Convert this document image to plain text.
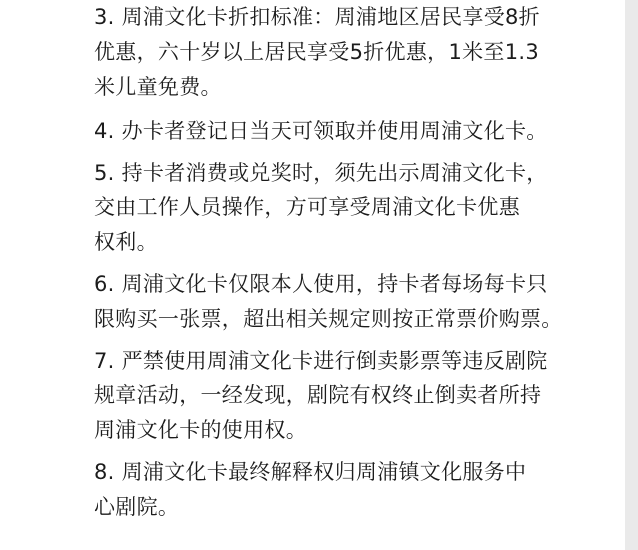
3. 周浦文化卡折扣标准：周浦地区居民享受8折
优惠，六十岁以上居民享受5折优惠，1米至1.3
米儿童免费。
4. 办卡者登记日当天可领取并使用周浦文化卡。
5. 持卡者消费或兑奖时，须先出示周浦文化卡，
交由工作人员操作，方可享受周浦文化卡优惠
权利。
6. 周浦文化卡仅限本人使用，持卡者每场每卡只
限购买一张票，超出相关规定则按正常票价购票。
7. 严禁使用周浦文化卡进行倒卖影票等违反剧院
规章活动，一经发现，剧院有权终止倒卖者所持
周浦文化卡的使用权。
8. 周浦文化卡最终解释权归周浦镇文化服务中
心剧院。
